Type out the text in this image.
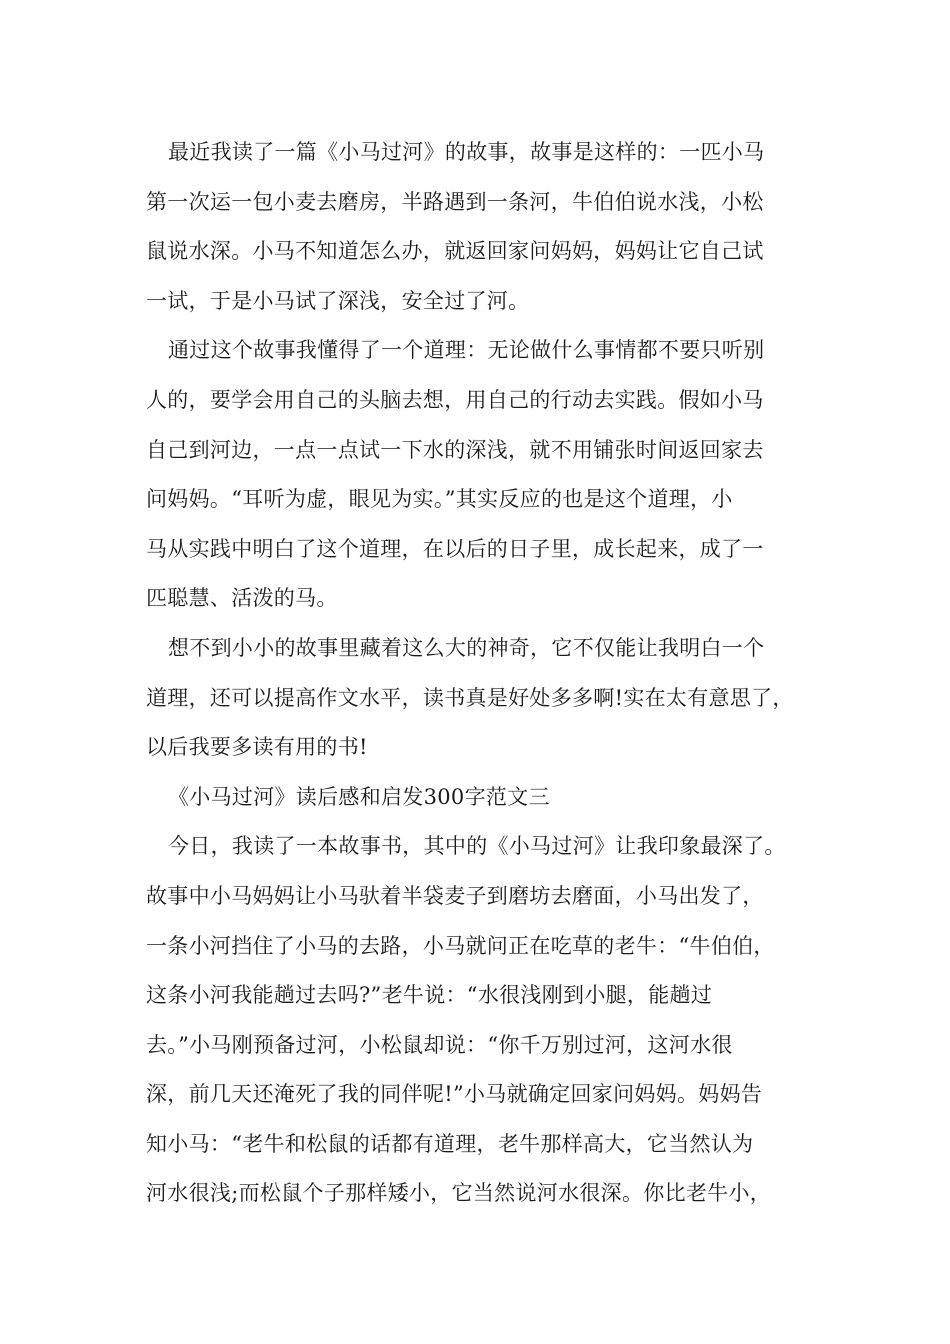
最近我读了一篇《小马过河》的故事，故事是这样的：一匹小马
第一次运一包小麦去磨房，半路遇到一条河，牛伯伯说水浅，小松
鼠说水深。小马不知道怎么办，就返回家问妈妈，妈妈让它自己试
一试，于是小马试了深浅，安全过了河。
通过这个故事我懂得了一个道理：无论做什么事情都不要只听别
人的，要学会用自己的头脑去想，用自己的行动去实践。假如小马
自己到河边，一点一点试一下水的深浅，就不用铺张时间返回家去
问妈妈。“耳听为虚，眼见为实。”其实反应的也是这个道理，小
马从实践中明白了这个道理，在以后的日子里，成长起来，成了一
匹聪慧、活泼的马。
想不到小小的故事里藏着这么大的神奇，它不仅能让我明白一个
道理，还可以提高作文水平，读书真是好处多多啊!实在太有意思了，
以后我要多读有用的书!
《小马过河》读后感和启发300字范文三
今日，我读了一本故事书，其中的《小马过河》让我印象最深了。
故事中小马妈妈让小马驮着半袋麦子到磨坊去磨面，小马出发了，
一条小河挡住了小马的去路，小马就问正在吃草的老牛：“牛伯伯，
这条小河我能趟过去吗?”老牛说：“水很浅刚到小腿，能趟过
去。”小马刚预备过河，小松鼠却说：“你千万别过河，这河水很
深，前几天还淹死了我的同伴呢!”小马就确定回家问妈妈。妈妈告
知小马：“老牛和松鼠的话都有道理，老牛那样高大，它当然认为
河水很浅;而松鼠个子那样矮小，它当然说河水很深。你比老牛小，
